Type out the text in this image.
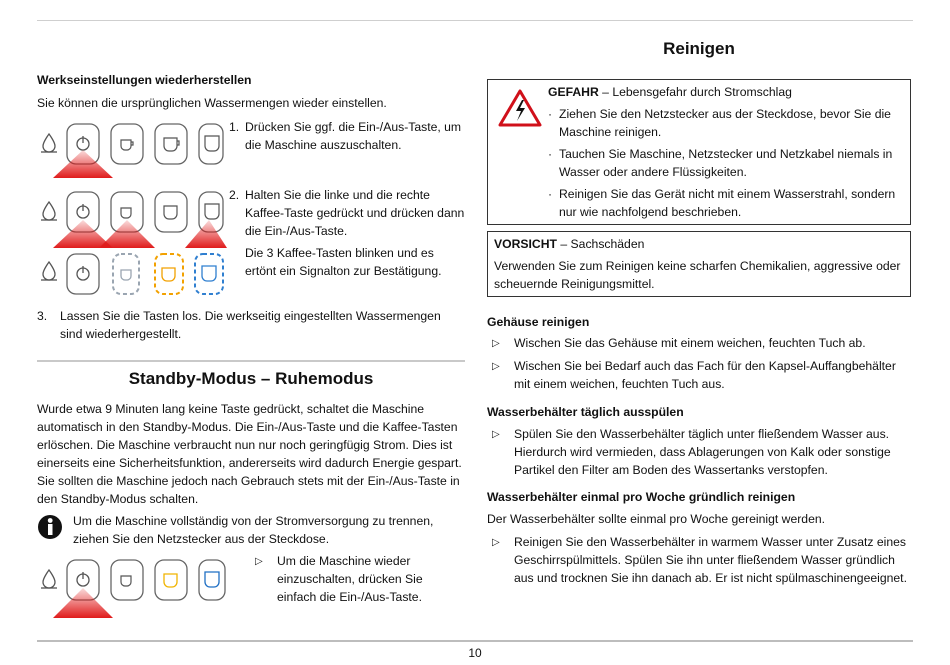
Werkseinstellungen wiederherstellen
Sie können die ursprünglichen Wassermengen wieder einstellen.
1. Drücken Sie ggf. die Ein-/Aus-Taste, um die Maschine auszuschalten.
2. Halten Sie die linke und die rechte Kaffee-Taste gedrückt und drücken dann die Ein-/Aus-Taste.
Die 3 Kaffee-Tasten blinken und es ertönt ein Signalton zur Bestätigung.
3.	Lassen Sie die Tasten los. Die werkseitig eingestellten Wassermengen sind wiederhergestellt.
Standby-Modus – Ruhemodus
Wurde etwa 9 Minuten lang keine Taste gedrückt, schaltet die Maschine automatisch in den Standby-Modus. Die Ein-/Aus-Taste und die Kaffee-Tasten erlöschen. Die Maschine verbraucht nun nur noch geringfügig Strom. Dies ist einerseits eine Sicherheitsfunktion, andererseits wird dadurch Energie gespart. Sie sollten die Maschine jedoch nach Gebrauch stets mit der Ein-/Aus-Taste in den Standby-Modus schalten.
Um die Maschine vollständig von der Stromversorgung zu trennen, ziehen Sie den Netzstecker aus der Steckdose.
▷	Um die Maschine wieder einzuschalten, drücken Sie einfach die Ein-/Aus-Taste.
Reinigen
GEFAHR – Lebensgefahr durch Stromschlag
· Ziehen Sie den Netzstecker aus der Steckdose, bevor Sie die Maschine reinigen.
· Tauchen Sie Maschine, Netzstecker und Netzkabel niemals in Wasser oder andere Flüssigkeiten.
· Reinigen Sie das Gerät nicht mit einem Wasserstrahl, sondern nur wie nachfolgend beschrieben.
VORSICHT – Sachschäden
Verwenden Sie zum Reinigen keine scharfen Chemikalien, aggressive oder scheuernde Reinigungsmittel.
Gehäuse reinigen
▷	Wischen Sie das Gehäuse mit einem weichen, feuchten Tuch ab.
▷	Wischen Sie bei Bedarf auch das Fach für den Kapsel-Auffangbehälter mit einem weichen, feuchten Tuch aus.
Wasserbehälter täglich ausspülen
▷	Spülen Sie den Wasserbehälter täglich unter fließendem Wasser aus. Hierdurch wird vermieden, dass Ablagerungen von Kalk oder sonstige Partikel den Filter am Boden des Wassertanks verstopfen.
Wasserbehälter einmal pro Woche gründlich reinigen
Der Wasserbehälter sollte einmal pro Woche gereinigt werden.
▷	Reinigen Sie den Wasserbehälter in warmem Wasser unter Zusatz eines Geschirrspülmittels. Spülen Sie ihn unter fließendem Wasser gründlich aus und trocknen Sie ihn danach ab. Er ist nicht spülmaschinengeeignet.
10
